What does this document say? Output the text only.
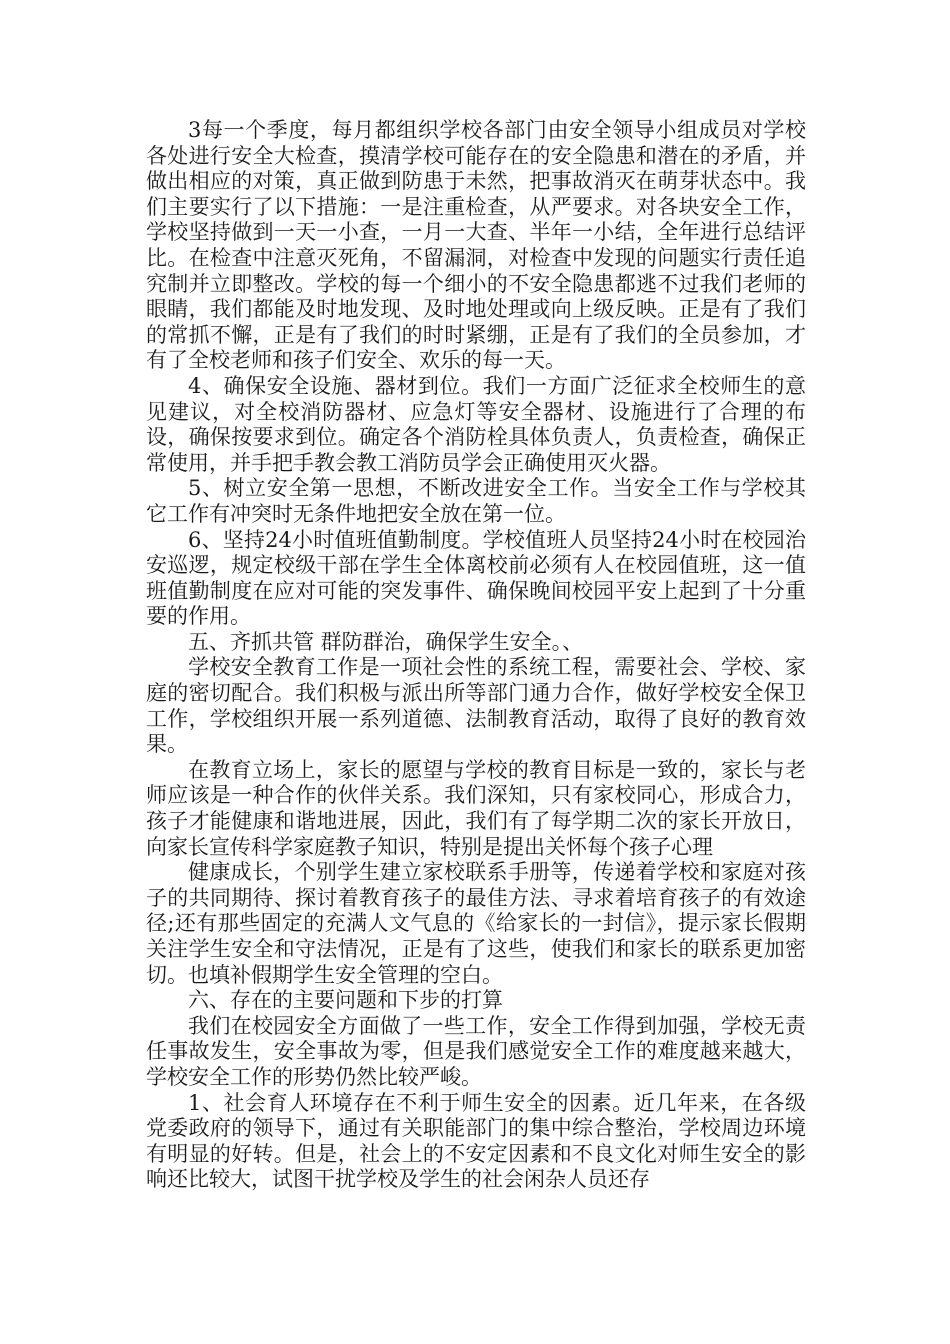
3每一个季度，每月都组织学校各部门由安全领导小组成员对学校各处进行安全大检查，摸清学校可能存在的安全隐患和潜在的矛盾，并做出相应的对策，真正做到防患于未然，把事故消灭在萌芽状态中。我们主要实行了以下措施：一是注重检查，从严要求。对各块安全工作，学校坚持做到一天一小查，一月一大查、半年一小结，全年进行总结评比。在检查中注意灭死角，不留漏洞，对检查中发现的问题实行责任追究制并立即整改。学校的每一个细小的不安全隐患都逃不过我们老师的眼睛，我们都能及时地发现、及时地处理或向上级反映。正是有了我们的常抓不懈，正是有了我们的时时紧绷，正是有了我们的全员参加，才有了全校老师和孩子们安全、欢乐的每一天。

4、确保安全设施、器材到位。我们一方面广泛征求全校师生的意见建议，对全校消防器材、应急灯等安全器材、设施进行了合理的布设，确保按要求到位。确定各个消防栓具体负责人，负责检查，确保正常使用，并手把手教会教工消防员学会正确使用灭火器。

5、树立安全第一思想，不断改进安全工作。当安全工作与学校其它工作有冲突时无条件地把安全放在第一位。

6、坚持24小时值班值勤制度。学校值班人员坚持24小时在校园治安巡逻，规定校级干部在学生全体离校前必须有人在校园值班，这一值班值勤制度在应对可能的突发事件、确保晚间校园平安上起到了十分重要的作用。

五、齐抓共管 群防群治，确保学生安全。、

学校安全教育工作是一项社会性的系统工程，需要社会、学校、家庭的密切配合。我们积极与派出所等部门通力合作，做好学校安全保卫工作，学校组织开展一系列道德、法制教育活动，取得了良好的教育效果。

在教育立场上，家长的愿望与学校的教育目标是一致的，家长与老师应该是一种合作的伙伴关系。我们深知，只有家校同心，形成合力，孩子才能健康和谐地进展，因此，我们有了每学期二次的家长开放日，向家长宣传科学家庭教子知识，特别是提出关怀每个孩子心理

健康成长，个别学生建立家校联系手册等，传递着学校和家庭对孩子的共同期待、探讨着教育孩子的最佳方法、寻求着培育孩子的有效途径;还有那些固定的充满人文气息的《给家长的一封信》，提示家长假期关注学生安全和守法情况，正是有了这些，使我们和家长的联系更加密切。也填补假期学生安全管理的空白。

六、存在的主要问题和下步的打算

我们在校园安全方面做了一些工作，安全工作得到加强，学校无责任事故发生，安全事故为零，但是我们感觉安全工作的难度越来越大，学校安全工作的形势仍然比较严峻。

1、社会育人环境存在不利于师生安全的因素。近几年来，在各级党委政府的领导下，通过有关职能部门的集中综合整治，学校周边环境有明显的好转。但是，社会上的不安定因素和不良文化对师生安全的影响还比较大，试图干扰学校及学生的社会闲杂人员还存
